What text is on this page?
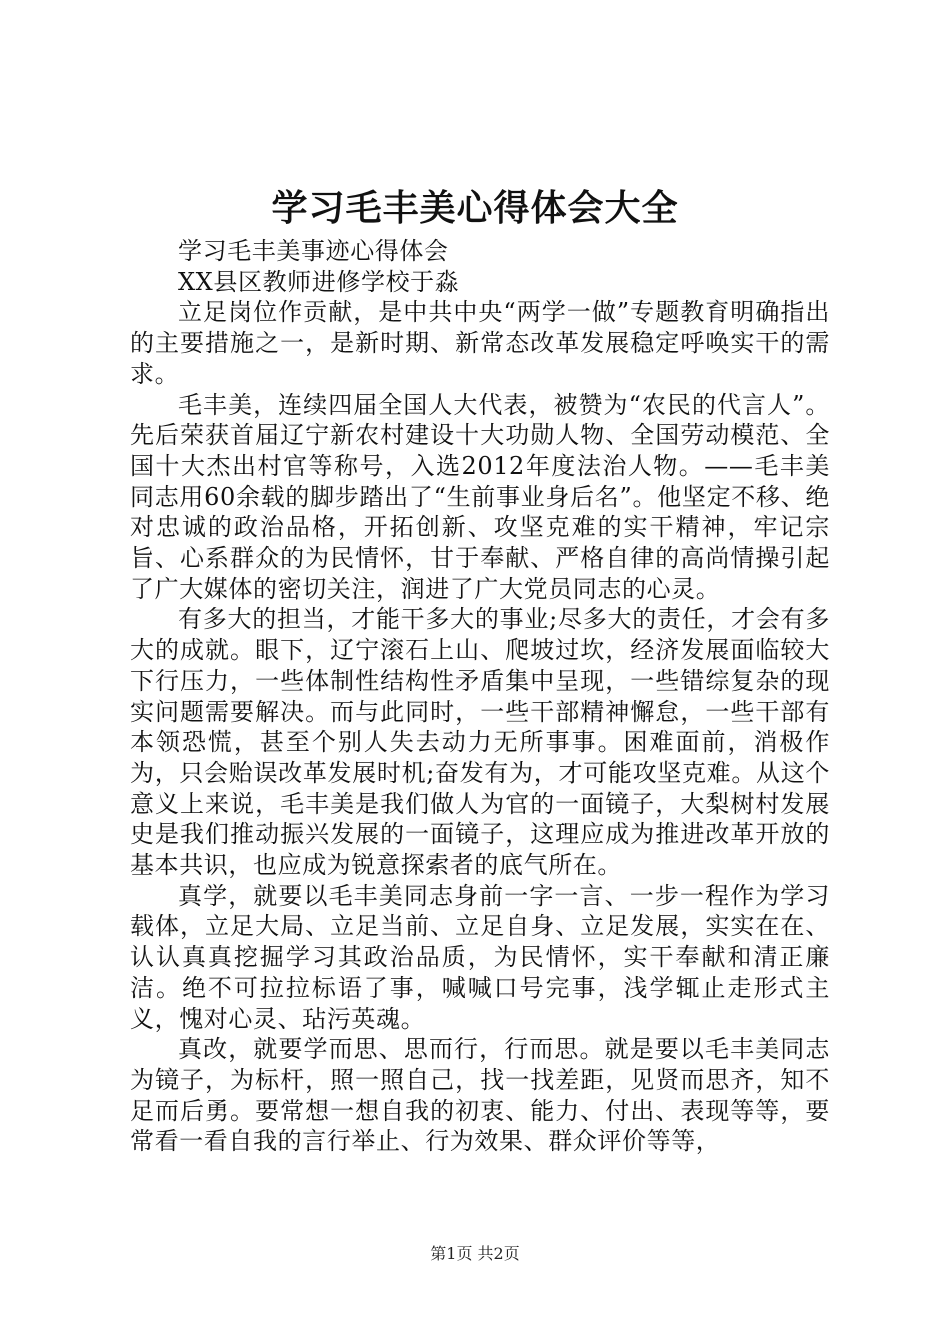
学习毛丰美心得体会大全

学习毛丰美事迹心得体会

XX县区教师进修学校于淼

立足岗位作贡献，是中共中央“两学一做”专题教育明确指出的主要措施之一，是新时期、新常态改革发展稳定呼唤实干的需求。

毛丰美，连续四届全国人大代表，被赞为“农民的代言人”。先后荣获首届辽宁新农村建设十大功勋人物、全国劳动模范、全国十大杰出村官等称号，入选2012年度法治人物。——毛丰美同志用60余载的脚步踏出了“生前事业身后名”。他坚定不移、绝对忠诚的政治品格，开拓创新、攻坚克难的实干精神，牢记宗旨、心系群众的为民情怀，甘于奉献、严格自律的高尚情操引起了广大媒体的密切关注，润进了广大党员同志的心灵。

有多大的担当，才能干多大的事业;尽多大的责任，才会有多大的成就。眼下，辽宁滚石上山、爬坡过坎，经济发展面临较大下行压力，一些体制性结构性矛盾集中呈现，一些错综复杂的现实问题需要解决。而与此同时，一些干部精神懈怠，一些干部有本领恐慌，甚至个别人失去动力无所事事。困难面前，消极作为，只会贻误改革发展时机;奋发有为，才可能攻坚克难。从这个意义上来说，毛丰美是我们做人为官的一面镜子，大梨树村发展史是我们推动振兴发展的一面镜子，这理应成为推进改革开放的基本共识，也应成为锐意探索者的底气所在。

真学，就要以毛丰美同志身前一字一言、一步一程作为学习载体，立足大局、立足当前、立足自身、立足发展，实实在在、认认真真挖掘学习其政治品质，为民情怀，实干奉献和清正廉洁。绝不可拉拉标语了事，喊喊口号完事，浅学辄止走形式主义，愧对心灵、玷污英魂。

真改，就要学而思、思而行，行而思。就是要以毛丰美同志为镜子，为标杆，照一照自己，找一找差距，见贤而思齐，知不足而后勇。要常想一想自我的初衷、能力、付出、表现等等，要常看一看自我的言行举止、行为效果、群众评价等等，

第1页 共2页
